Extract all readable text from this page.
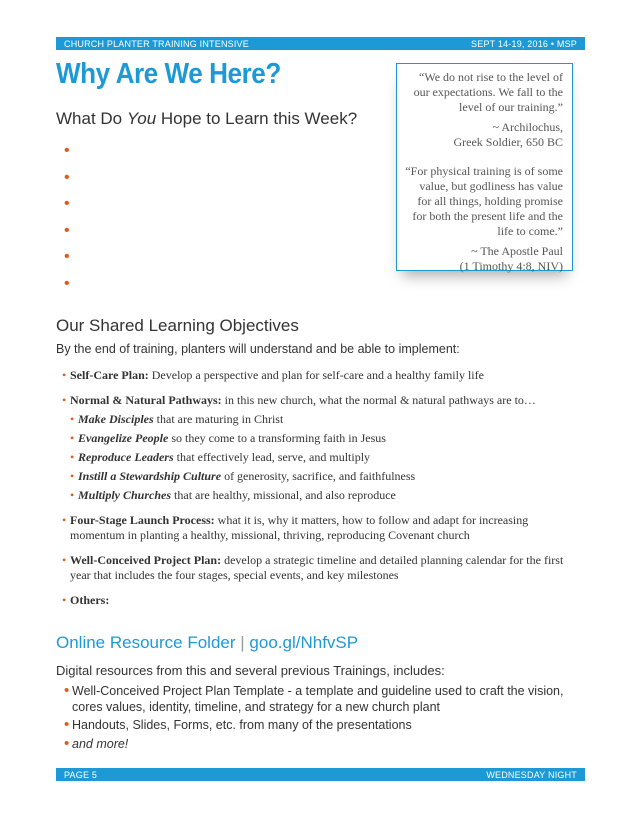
CHURCH PLANTER TRAINING INTENSIVE	SEPT 14-19, 2016 • MSP
Why Are We Here?
What Do You Hope to Learn this Week?
•
•
•
•
•
•

“We do not rise to the level of our expectations. We fall to the level of our training.”

~ Archilochus,
Greek Soldier, 650 BC

“For physical training is of some value, but godliness has value for all things, holding promise for both the present life and the life to come.”

~ The Apostle Paul
(1 Timothy 4:8, NIV)

Our Shared Learning Objectives
By the end of training, planters will understand and be able to implement:
• Self-Care Plan: Develop a perspective and plan for self-care and a healthy family life
• Normal & Natural Pathways: in this new church, what the normal & natural pathways are to…
• Make Disciples that are maturing in Christ
• Evangelize People so they come to a transforming faith in Jesus
• Reproduce Leaders that effectively lead, serve, and multiply
• Instill a Stewardship Culture of generosity, sacrifice, and faithfulness
• Multiply Churches that are healthy, missional, and also reproduce
• Four-Stage Launch Process: what it is, why it matters, how to follow and adapt for increasing momentum in planting a healthy, missional, thriving, reproducing Covenant church
• Well-Conceived Project Plan: develop a strategic timeline and detailed planning calendar for the first year that includes the four stages, special events, and key milestones
• Others:
Online Resource Folder | goo.gl/NhfvSP
Digital resources from this and several previous Trainings, includes:
• Well-Conceived Project Plan Template - a template and guideline used to craft the vision, cores values, identity, timeline, and strategy for a new church plant
• Handouts, Slides, Forms, etc. from many of the presentations
• and more!
PAGE 5	WEDNESDAY NIGHT
